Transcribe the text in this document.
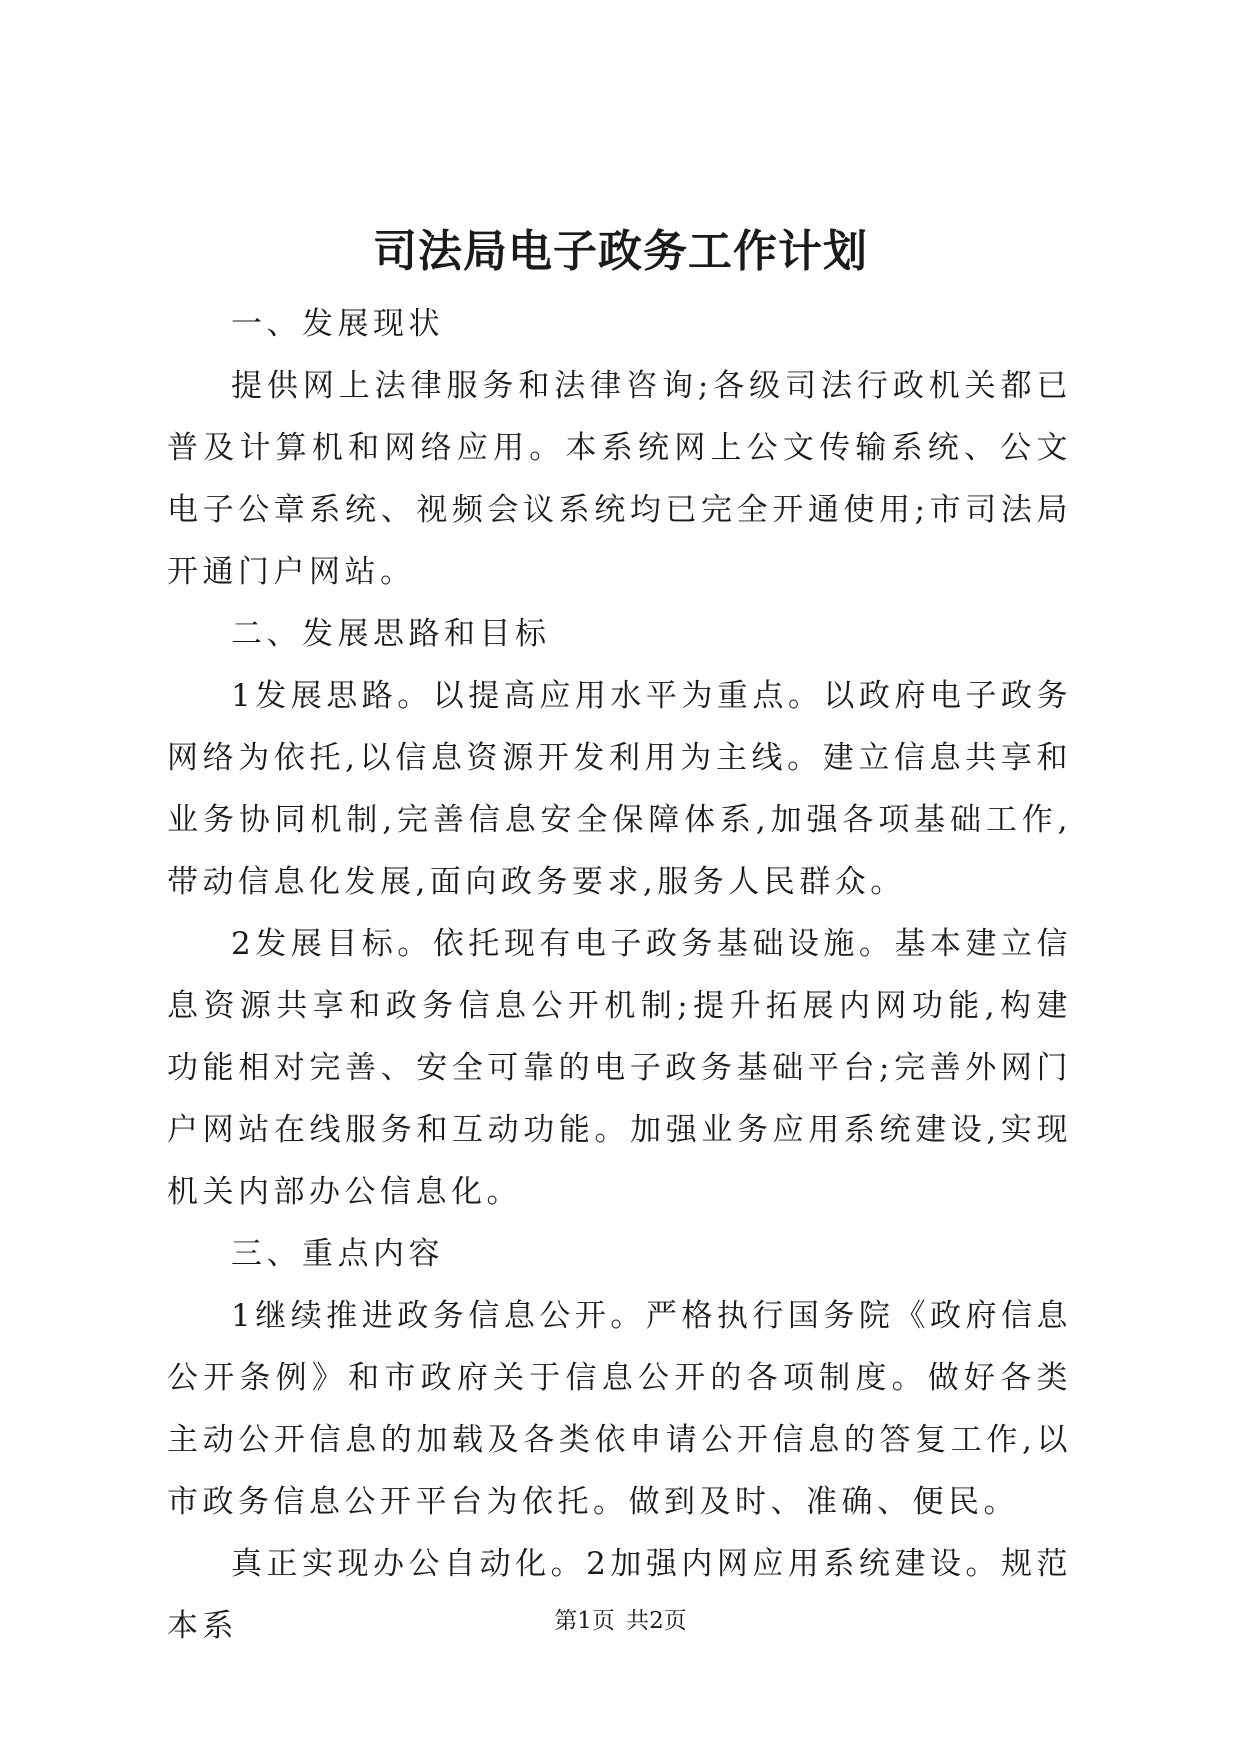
司法局电子政务工作计划

一、发展现状

提供网上法律服务和法律咨询;各级司法行政机关都已普及计算机和网络应用。本系统网上公文传输系统、公文电子公章系统、视频会议系统均已完全开通使用;市司法局开通门户网站。

二、发展思路和目标

1发展思路。以提高应用水平为重点。以政府电子政务网络为依托,以信息资源开发利用为主线。建立信息共享和业务协同机制,完善信息安全保障体系,加强各项基础工作,带动信息化发展,面向政务要求,服务人民群众。

2发展目标。依托现有电子政务基础设施。基本建立信息资源共享和政务信息公开机制;提升拓展内网功能,构建功能相对完善、安全可靠的电子政务基础平台;完善外网门户网站在线服务和互动功能。加强业务应用系统建设,实现机关内部办公信息化。

三、重点内容

1继续推进政务信息公开。严格执行国务院《政府信息公开条例》和市政府关于信息公开的各项制度。做好各类主动公开信息的加载及各类依申请公开信息的答复工作,以市政务信息公开平台为依托。做到及时、准确、便民。

真正实现办公自动化。2加强内网应用系统建设。规范本系	第1页 共2页
